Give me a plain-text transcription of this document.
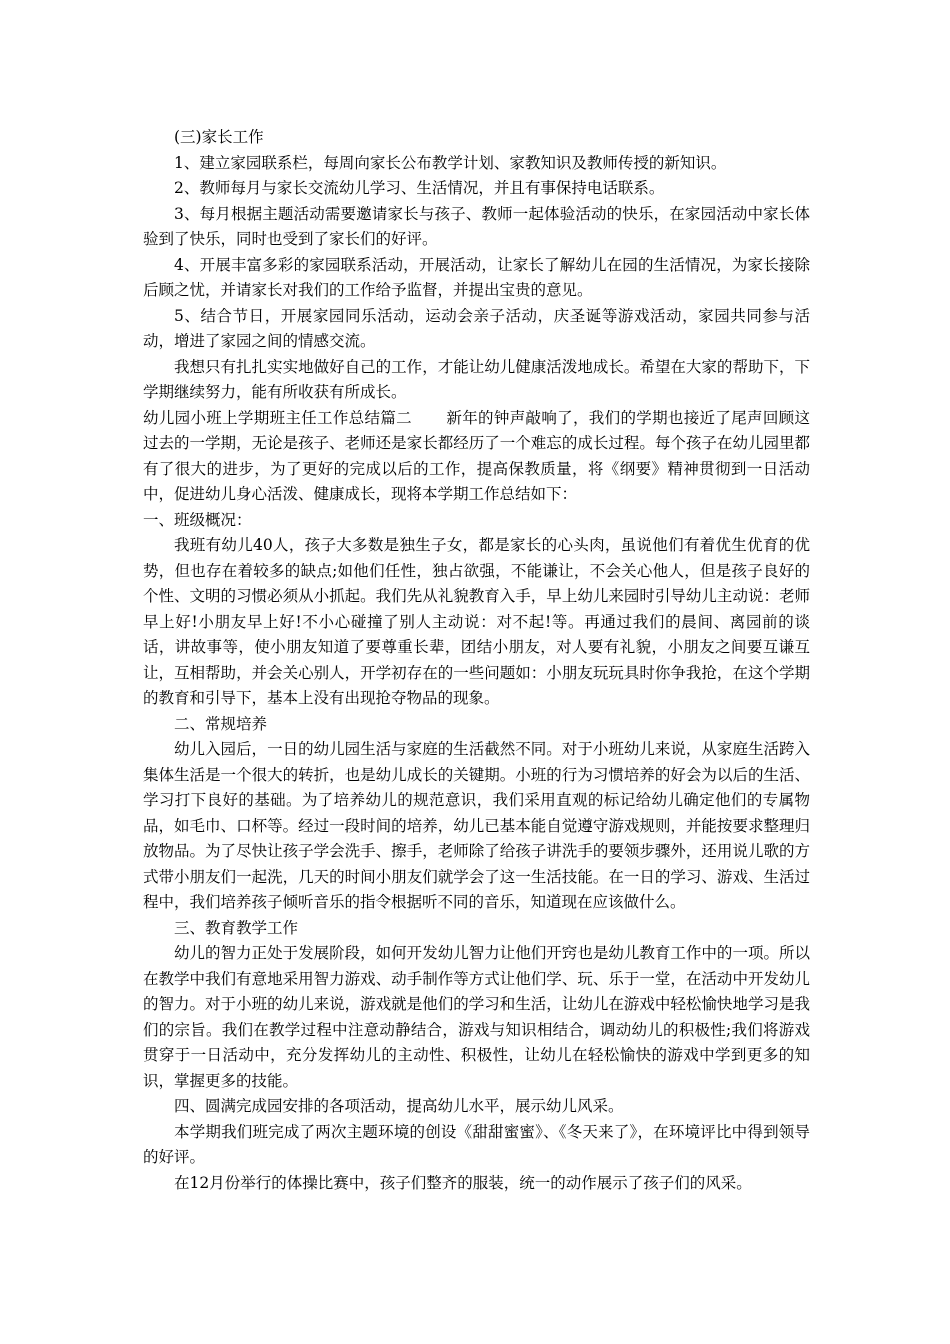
(三)家长工作

1、建立家园联系栏，每周向家长公布教学计划、家教知识及教师传授的新知识。

2、教师每月与家长交流幼儿学习、生活情况，并且有事保持电话联系。

3、每月根据主题活动需要邀请家长与孩子、教师一起体验活动的快乐，在家园活动中家长体验到了快乐，同时也受到了家长们的好评。

4、开展丰富多彩的家园联系活动，开展活动，让家长了解幼儿在园的生活情况，为家长接除后顾之忧，并请家长对我们的工作给予监督，并提出宝贵的意见。

5、结合节日，开展家园同乐活动，运动会亲子活动，庆圣诞等游戏活动，家园共同参与活动，增进了家园之间的情感交流。

我想只有扎扎实实地做好自己的工作，才能让幼儿健康活泼地成长。希望在大家的帮助下，下学期继续努力，能有所收获有所成长。

幼儿园小班上学期班主任工作总结篇二 新年的钟声敲响了，我们的学期也接近了尾声回顾这过去的一学期，无论是孩子、老师还是家长都经历了一个难忘的成长过程。每个孩子在幼儿园里都有了很大的进步，为了更好的完成以后的工作，提高保教质量，将《纲要》精神贯彻到一日活动中，促进幼儿身心活泼、健康成长，现将本学期工作总结如下：

一、班级概况：

我班有幼儿40人，孩子大多数是独生子女，都是家长的心头肉，虽说他们有着优生优育的优势，但也存在着较多的缺点;如他们任性，独占欲强，不能谦让，不会关心他人，但是孩子良好的个性、文明的习惯必须从小抓起。我们先从礼貌教育入手，早上幼儿来园时引导幼儿主动说：老师早上好!小朋友早上好!不小心碰撞了别人主动说：对不起!等。再通过我们的晨间、离园前的谈话，讲故事等，使小朋友知道了要尊重长辈，团结小朋友，对人要有礼貌，小朋友之间要互谦互让，互相帮助，并会关心别人，开学初存在的一些问题如：小朋友玩玩具时你争我抢，在这个学期的教育和引导下，基本上没有出现抢夺物品的现象。

二、常规培养

幼儿入园后，一日的幼儿园生活与家庭的生活截然不同。对于小班幼儿来说，从家庭生活跨入集体生活是一个很大的转折，也是幼儿成长的关键期。小班的行为习惯培养的好会为以后的生活、学习打下良好的基础。为了培养幼儿的规范意识，我们采用直观的标记给幼儿确定他们的专属物品，如毛巾、口杯等。经过一段时间的培养，幼儿已基本能自觉遵守游戏规则，并能按要求整理归放物品。为了尽快让孩子学会洗手、擦手，老师除了给孩子讲洗手的要领步骤外，还用说儿歌的方式带小朋友们一起洗，几天的时间小朋友们就学会了这一生活技能。在一日的学习、游戏、生活过程中，我们培养孩子倾听音乐的指令根据听不同的音乐，知道现在应该做什么。

三、教育教学工作

幼儿的智力正处于发展阶段，如何开发幼儿智力让他们开窍也是幼儿教育工作中的一项。所以在教学中我们有意地采用智力游戏、动手制作等方式让他们学、玩、乐于一堂，在活动中开发幼儿的智力。对于小班的幼儿来说，游戏就是他们的学习和生活，让幼儿在游戏中轻松愉快地学习是我们的宗旨。我们在教学过程中注意动静结合，游戏与知识相结合，调动幼儿的积极性;我们将游戏贯穿于一日活动中，充分发挥幼儿的主动性、积极性，让幼儿在轻松愉快的游戏中学到更多的知识，掌握更多的技能。

四、圆满完成园安排的各项活动，提高幼儿水平，展示幼儿风采。

本学期我们班完成了两次主题环境的创设《甜甜蜜蜜》、《冬天来了》，在环境评比中得到领导的好评。

在12月份举行的体操比赛中，孩子们整齐的服装，统一的动作展示了孩子们的风采。
